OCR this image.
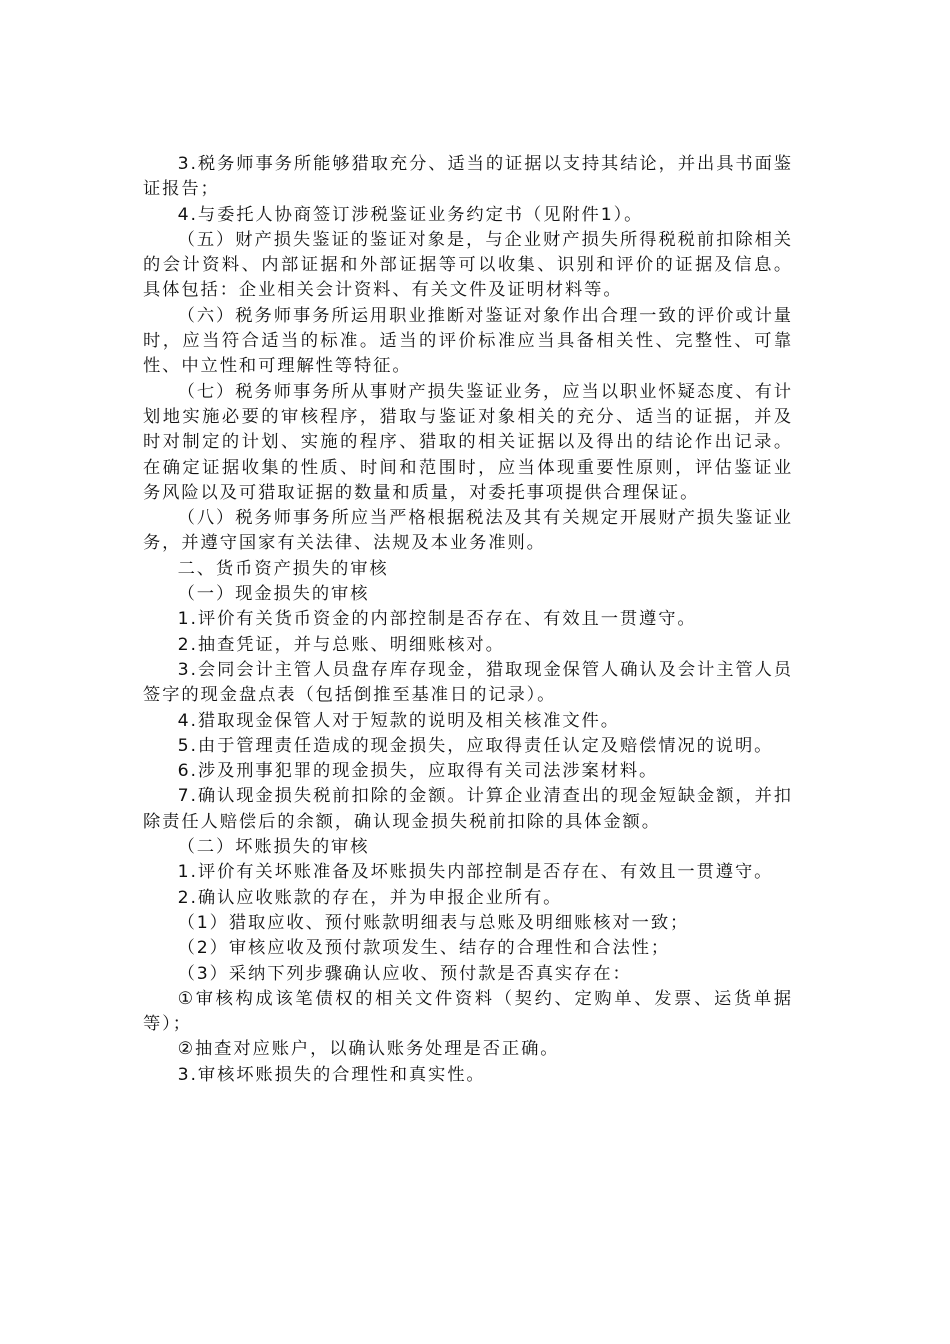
3.税务师事务所能够猎取充分、适当的证据以支持其结论，并出具书面鉴证报告；

4.与委托人协商签订涉税鉴证业务约定书（见附件1）。

（五）财产损失鉴证的鉴证对象是，与企业财产损失所得税税前扣除相关的会计资料、内部证据和外部证据等可以收集、识别和评价的证据及信息。具体包括：企业相关会计资料、有关文件及证明材料等。

（六）税务师事务所运用职业推断对鉴证对象作出合理一致的评价或计量时，应当符合适当的标准。适当的评价标准应当具备相关性、完整性、可靠性、中立性和可理解性等特征。

（七）税务师事务所从事财产损失鉴证业务，应当以职业怀疑态度、有计划地实施必要的审核程序，猎取与鉴证对象相关的充分、适当的证据，并及时对制定的计划、实施的程序、猎取的相关证据以及得出的结论作出记录。在确定证据收集的性质、时间和范围时，应当体现重要性原则，评估鉴证业务风险以及可猎取证据的数量和质量，对委托事项提供合理保证。

（八）税务师事务所应当严格根据税法及其有关规定开展财产损失鉴证业务，并遵守国家有关法律、法规及本业务准则。

二、货币资产损失的审核

（一）现金损失的审核

1.评价有关货币资金的内部控制是否存在、有效且一贯遵守。

2.抽查凭证，并与总账、明细账核对。

3.会同会计主管人员盘存库存现金，猎取现金保管人确认及会计主管人员签字的现金盘点表（包括倒推至基准日的记录）。

4.猎取现金保管人对于短款的说明及相关核准文件。

5.由于管理责任造成的现金损失，应取得责任认定及赔偿情况的说明。

6.涉及刑事犯罪的现金损失，应取得有关司法涉案材料。

7.确认现金损失税前扣除的金额。计算企业清查出的现金短缺金额，并扣除责任人赔偿后的余额，确认现金损失税前扣除的具体金额。

（二）坏账损失的审核

1.评价有关坏账准备及坏账损失内部控制是否存在、有效且一贯遵守。

2.确认应收账款的存在，并为申报企业所有。

（1）猎取应收、预付账款明细表与总账及明细账核对一致；

（2）审核应收及预付款项发生、结存的合理性和合法性；

（3）采纳下列步骤确认应收、预付款是否真实存在：

①审核构成该笔债权的相关文件资料（契约、定购单、发票、运货单据等）；

②抽查对应账户，以确认账务处理是否正确。

3.审核坏账损失的合理性和真实性。
